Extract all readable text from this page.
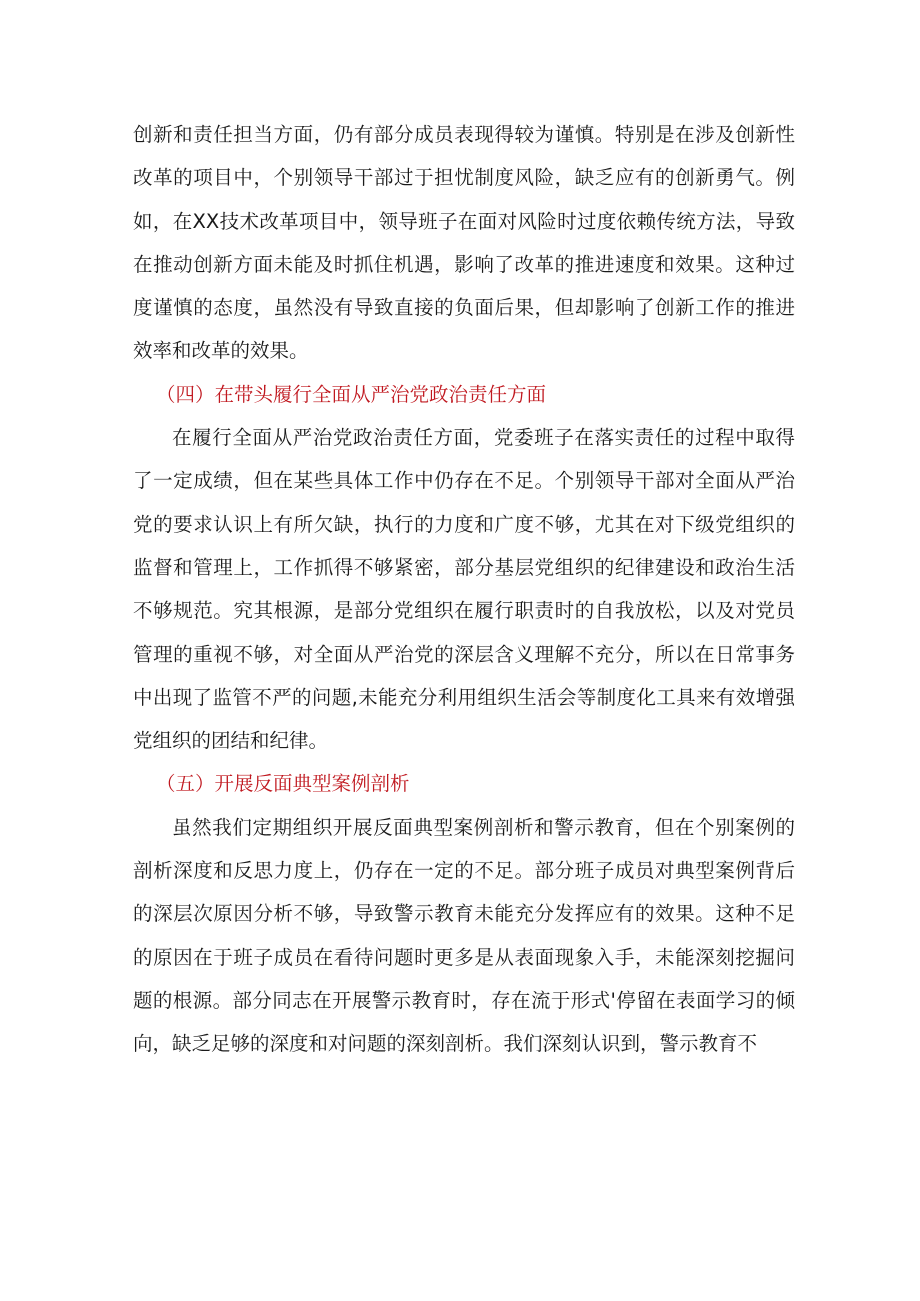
创新和责任担当方面，仍有部分成员表现得较为谨慎。特别是在涉及创新性改革的项目中，个别领导干部过于担忧制度风险，缺乏应有的创新勇气。例如，在XX技术改革项目中，领导班子在面对风险时过度依赖传统方法，导致在推动创新方面未能及时抓住机遇，影响了改革的推进速度和效果。这种过度谨慎的态度，虽然没有导致直接的负面后果，但却影响了创新工作的推进效率和改革的效果。

（四）在带头履行全面从严治党政治责任方面

在履行全面从严治党政治责任方面，党委班子在落实责任的过程中取得了一定成绩，但在某些具体工作中仍存在不足。个别领导干部对全面从严治党的要求认识上有所欠缺，执行的力度和广度不够，尤其在对下级党组织的监督和管理上，工作抓得不够紧密，部分基层党组织的纪律建设和政治生活不够规范。究其根源，是部分党组织在履行职责时的自我放松，以及对党员管理的重视不够，对全面从严治党的深层含义理解不充分，所以在日常事务中出现了监管不严的问题,未能充分利用组织生活会等制度化工具来有效增强党组织的团结和纪律。

（五）开展反面典型案例剖析

虽然我们定期组织开展反面典型案例剖析和警示教育，但在个别案例的剖析深度和反思力度上，仍存在一定的不足。部分班子成员对典型案例背后的深层次原因分析不够，导致警示教育未能充分发挥应有的效果。这种不足的原因在于班子成员在看待问题时更多是从表面现象入手，未能深刻挖掘问题的根源。部分同志在开展警示教育时，存在流于形式'停留在表面学习的倾向，缺乏足够的深度和对问题的深刻剖析。我们深刻认识到，警示教育不
